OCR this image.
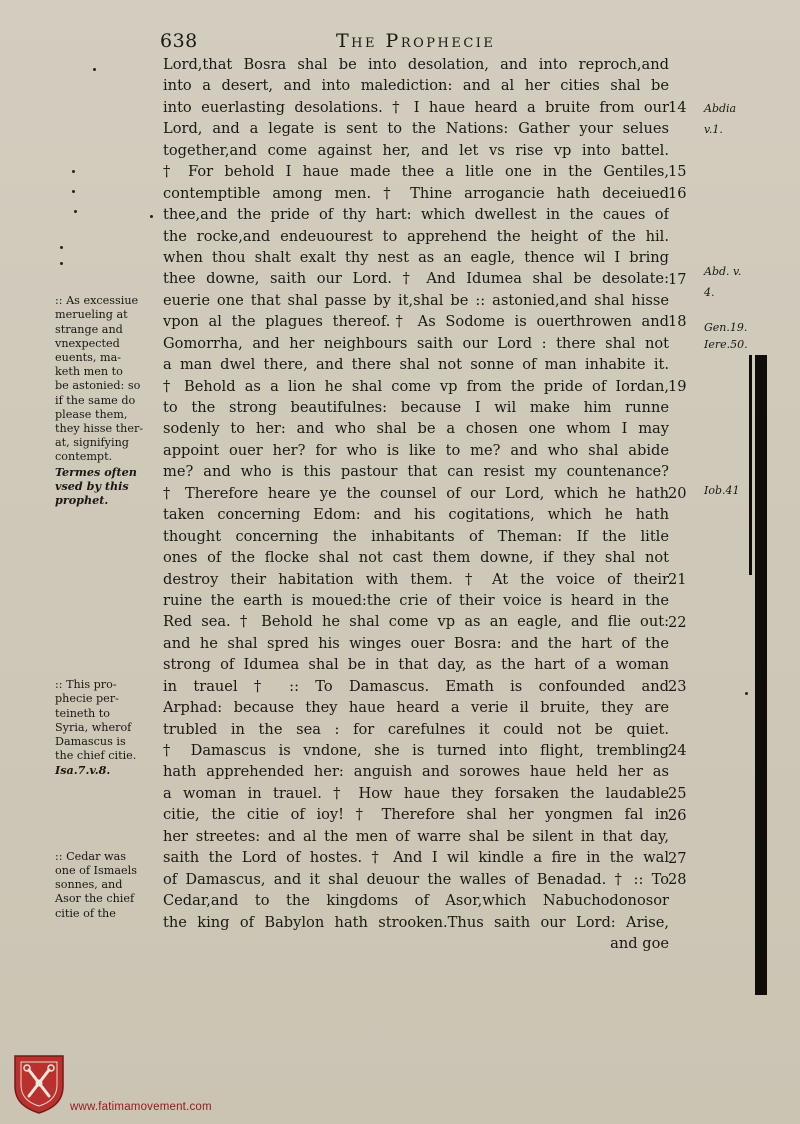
638	The Prophecie
Lord,that Bosra shal be into desolation, and into reproch,and
into a desert, and into malediction: and al her cities shal be
into euerlasting desolations. † I haue heard a bruite from our
Lord, and a legate is sent to the Nations: Gather your selues
together,and come against her, and let vs rise vp into battel.
† For behold I haue made thee a litle one in the Gentiles,
contemptible among men. † Thine arrogancie hath deceiued
thee,and the pride of thy hart: which dwellest in the caues of
the rocke,and endeuourest to apprehend the height of the hil.
when thou shalt exalt thy nest as an eagle, thence wil I bring
thee downe, saith our Lord. † And Idumea shal be desolate:
euerie one that shal passe by it,shal be :: astonied,and shal hisse
vpon al the plagues thereof.† As Sodome is ouerthrowen and
Gomorrha, and her neighbours saith our Lord : there shal not
a man dwel there, and there shal not sonne of man inhabite it.
† Behold as a lion he shal come vp from the pride of Iordan,
to the strong beautifulnes: because I wil make him runne
sodenly to her: and who shal be a chosen one whom I may
appoint ouer her? for who is like to me? and who shal abide
me? and who is this pastour that can resist my countenance?
† Therefore heare ye the counsel of our Lord, which he hath
taken concerning Edom: and his cogitations, which he hath
thought concerning the inhabitants of Theman: If the litle
ones of the flocke shal not cast them downe, if they shal not
destroy their habitation with them. † At the voice of their
ruine the earth is moued:the crie of their voice is heard in the
Red sea. † Behold he shal come vp as an eagle, and flie out:
and he shal spred his winges ouer Bosra: and the hart of the
strong of Idumea shal be in that day, as the hart of a woman
in trauel † :: To Damascus. Emath is confounded and
Arphad: because they haue heard a verie il bruite, they are
trubled in the sea : for carefulnes it could not be quiet.
† Damascus is vndone, she is turned into flight, trembling
hath apprehended her: anguish and sorowes haue held her as
a woman in trauel. † How haue they forsaken the laudable
citie, the citie of ioy! † Therefore shal her yongmen fal in
her streetes: and al the men of warre shal be silent in that day,
saith the Lord of hostes. † And I wil kindle a fire in the wal
of Damascus, and it shal deuour the walles of Benadad. † :: To
Cedar,and to the kingdoms of Asor,which Nabuchodonosor
the king of Babylon hath strooken.Thus saith our Lord: Arise,
and goe
14
15
16
17
18
19
20
21
22
23
24
25
26
27
28
Abdia
v.1.
Abd. v.
4.
Gen.19.
Iere.50.
Iob.41
:: As excessiue
merueling at
strange and
vnexpected
euents, ma-
keth men to
be astonied: so
if the same do
please them,
they hisse ther-
at, signifying
contempt.
Termes often
vsed by this
prophet.
:: This pro-
phecie per-
teineth to
Syria, wherof
Damascus is
the chief citie.
Isa.7.v.8.
:: Cedar was
one of Ismaels
sonnes, and
Asor the chief
citie of the
www.fatimamovement.com
